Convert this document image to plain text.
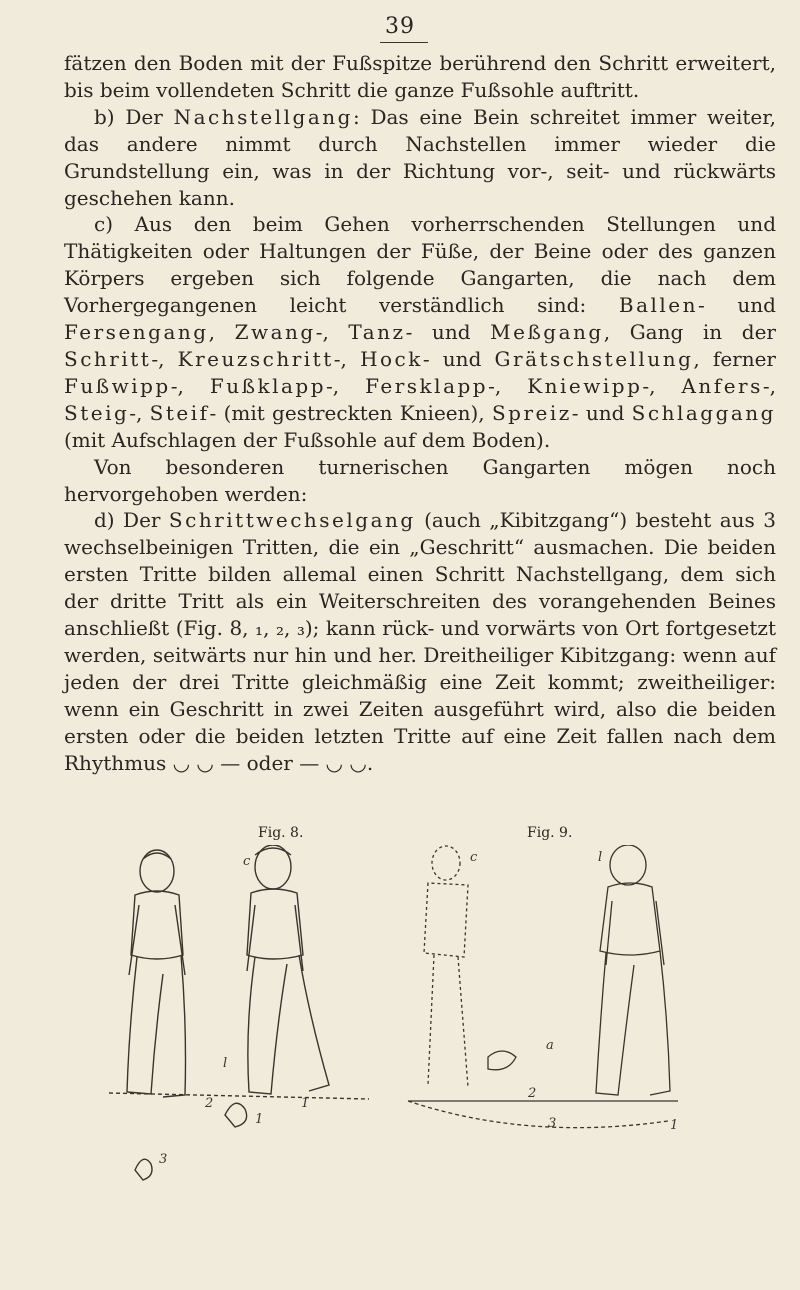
39

fätzen den Boden mit der Fußspitze berührend den Schritt erweitert, bis beim vollendeten Schritt die ganze Fußsohle auftritt.

b) Der Nachstellgang: Das eine Bein schreitet immer weiter, das andere nimmt durch Nachstellen immer wieder die Grundstellung ein, was in der Richtung vor-, seit- und rückwärts geschehen kann.

c) Aus den beim Gehen vorherrschenden Stellungen und Thätigkeiten oder Haltungen der Füße, der Beine oder des ganzen Körpers ergeben sich folgende Gangarten, die nach dem Vorhergegangenen leicht verständlich sind: Ballen- und Fersengang, Zwang-, Tanz- und Meßgang, Gang in der Schritt-, Kreuzschritt-, Hock- und Grätschstellung, ferner Fußwipp-, Fußklapp-, Fersklapp-, Kniewipp-, Anfers-, Steig-, Steif- (mit gestreckten Knieen), Spreiz- und Schlaggang (mit Aufschlagen der Fußsohle auf dem Boden).

Von besonderen turnerischen Gangarten mögen noch hervorgehoben werden:

d) Der Schrittwechselgang (auch „Kibitzgang“) besteht aus 3 wechselbeinigen Tritten, die ein „Geschritt“ ausmachen. Die beiden ersten Tritte bilden allemal einen Schritt Nachstellgang, dem sich der dritte Tritt als ein Weiterschreiten des vorangehenden Beines anschließt (Fig. 8, ₁, ₂, ₃); kann rück- und vorwärts von Ort fortgesetzt werden, seitwärts nur hin und her. Dreitheiliger Kibitzgang: wenn auf jeden der drei Tritte gleichmäßig eine Zeit kommt; zweitheiliger: wenn ein Geschritt in zwei Zeiten ausgeführt wird, also die beiden ersten oder die beiden letzten Tritte auf eine Zeit fallen nach dem Rhythmus ◡ ◡ — oder — ◡ ◡.

Fig. 8.	Fig. 9.
c
l
1
2
3
1
c	l
a
2
3	1
